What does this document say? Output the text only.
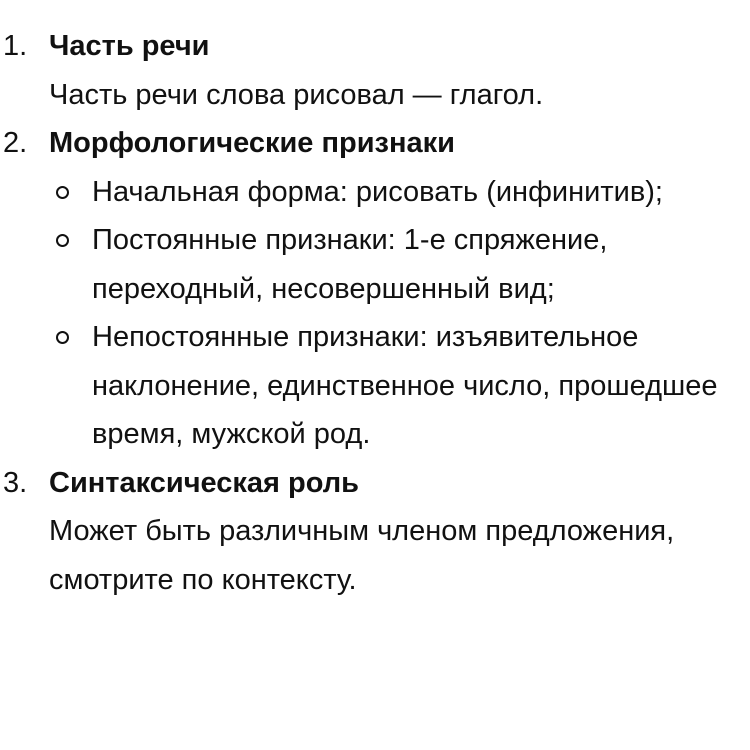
1. Часть речи
Часть речи слова рисовал — глагол.
2. Морфологические признаки
Начальная форма: рисовать (инфинитив);
Постоянные признаки: 1-е спряжение, переходный, несовершенный вид;
Непостоянные признаки: изъявительное наклонение, единственное число, прошедшее время, мужской род.
3. Синтаксическая роль
Может быть различным членом предложения, смотрите по контексту.
